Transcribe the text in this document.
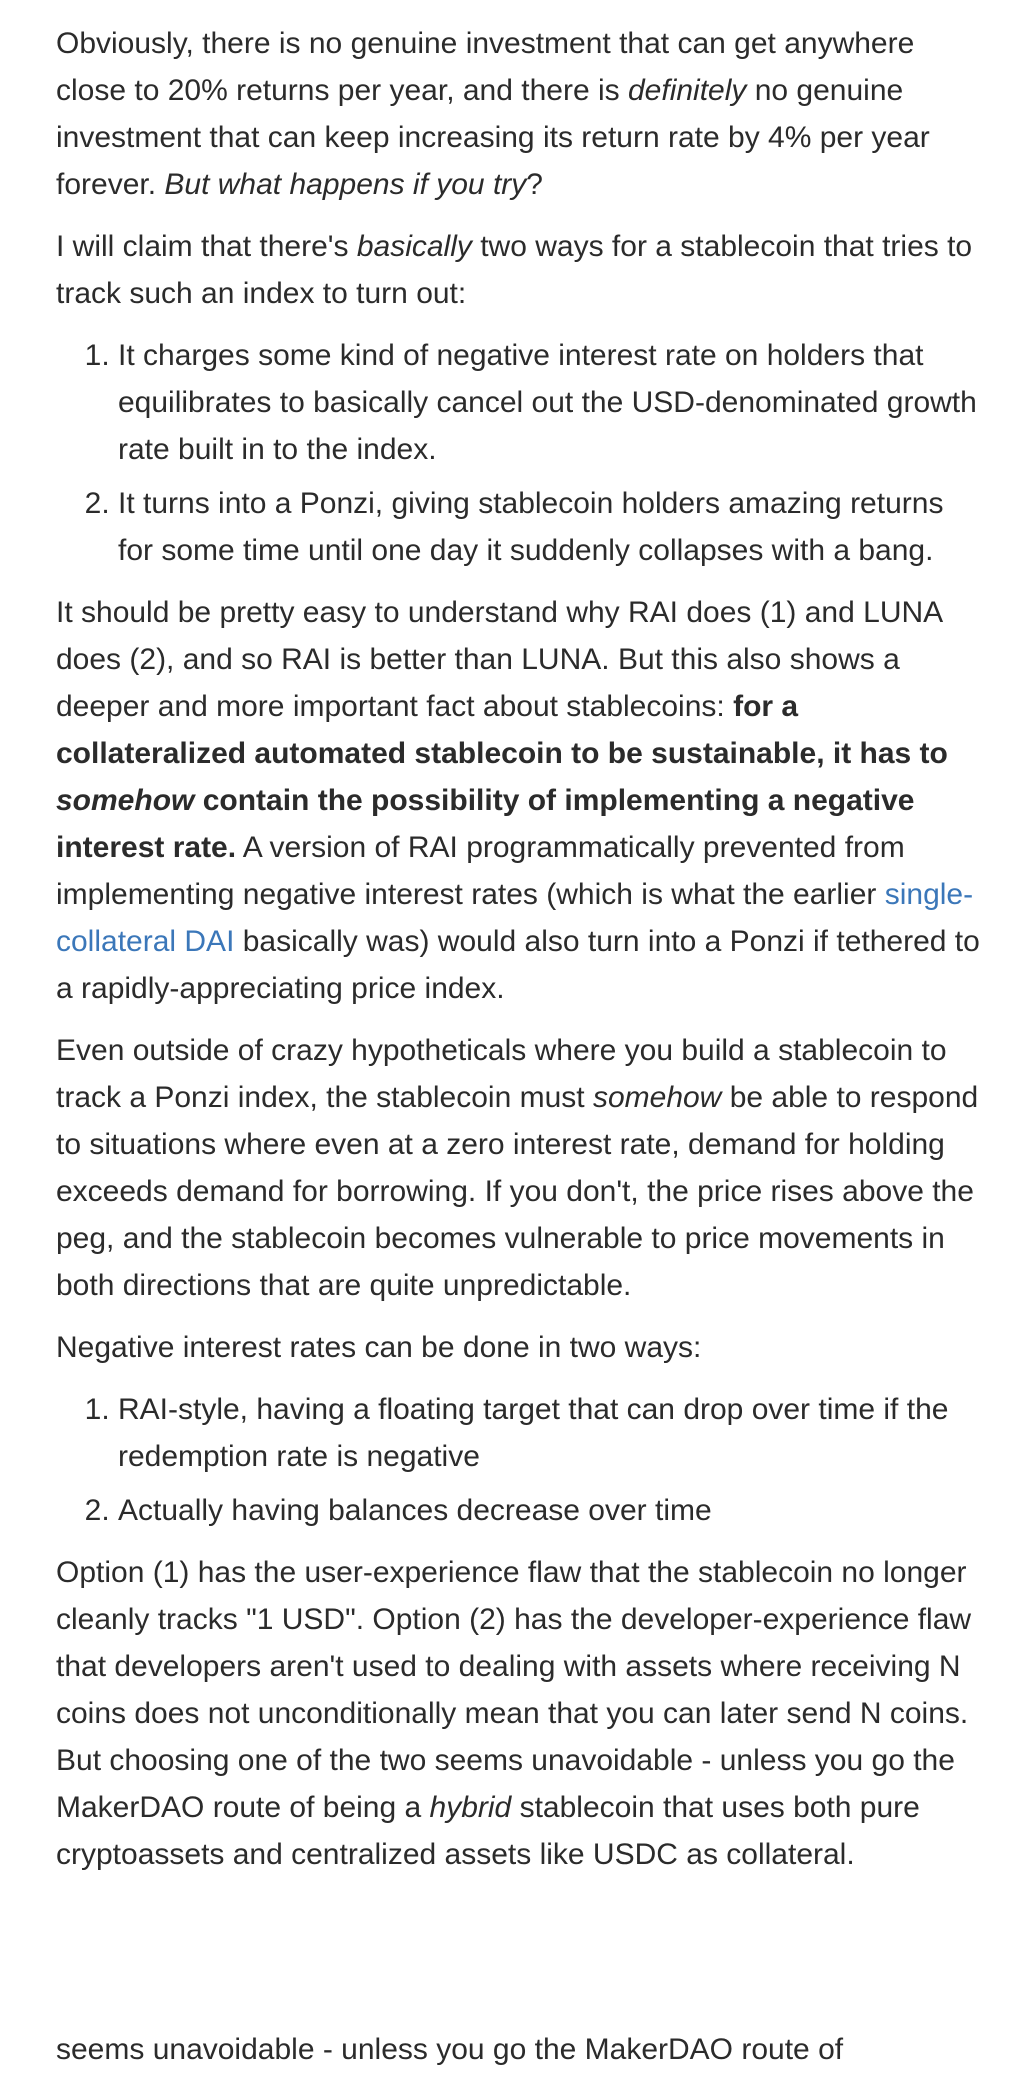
Obviously, there is no genuine investment that can get anywhere close to 20% returns per year, and there is definitely no genuine investment that can keep increasing its return rate by 4% per year forever. But what happens if you try?

I will claim that there's basically two ways for a stablecoin that tries to track such an index to turn out:

1. It charges some kind of negative interest rate on holders that equilibrates to basically cancel out the USD-denominated growth rate built in to the index.
2. It turns into a Ponzi, giving stablecoin holders amazing returns for some time until one day it suddenly collapses with a bang.

It should be pretty easy to understand why RAI does (1) and LUNA does (2), and so RAI is better than LUNA. But this also shows a deeper and more important fact about stablecoins: for a collateralized automated stablecoin to be sustainable, it has to somehow contain the possibility of implementing a negative interest rate. A version of RAI programmatically prevented from implementing negative interest rates (which is what the earlier single-collateral DAI basically was) would also turn into a Ponzi if tethered to a rapidly-appreciating price index.

Even outside of crazy hypotheticals where you build a stablecoin to track a Ponzi index, the stablecoin must somehow be able to respond to situations where even at a zero interest rate, demand for holding exceeds demand for borrowing. If you don't, the price rises above the peg, and the stablecoin becomes vulnerable to price movements in both directions that are quite unpredictable.

Negative interest rates can be done in two ways:

1. RAI-style, having a floating target that can drop over time if the redemption rate is negative
2. Actually having balances decrease over time

Option (1) has the user-experience flaw that the stablecoin no longer cleanly tracks "1 USD". Option (2) has the developer-experience flaw that developers aren't used to dealing with assets where receiving N coins does not unconditionally mean that you can later send N coins. But choosing one of the two seems unavoidable - unless you go the MakerDAO route of being a hybrid stablecoin that uses both pure cryptoassets and centralized assets like USDC as collateral.

seems unavoidable - unless you go the MakerDAO route of
